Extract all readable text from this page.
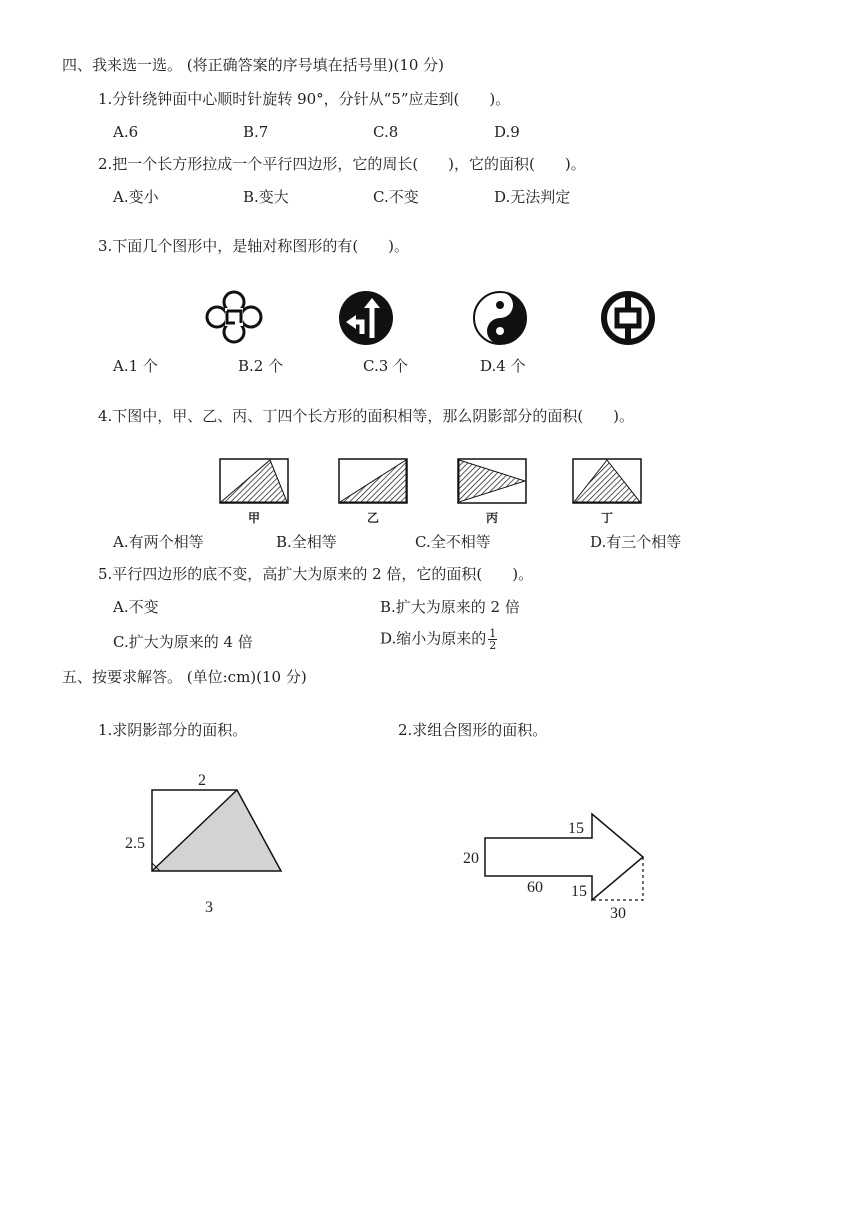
四、我来选一选。 (将正确答案的序号填在括号里)(10 分)
1.分针绕钟面中心顺时针旋转 90°，分针从“5”应走到(　　)。
A.6	B.7	C.8	D.9
2.把一个长方形拉成一个平行四边形，它的周长(　　)，它的面积(　　)。
A.变小	B.变大	C.不变	D.无法判定
3.下面几个图形中，是轴对称图形的有(　　)。
A.1 个	B.2 个	C.3 个	D.4 个
4.下图中，甲、乙、丙、丁四个长方形的面积相等，那么阴影部分的面积(　　)。
甲	乙	丙	丁
A.有两个相等	B.全相等	C.全不相等	D.有三个相等
5.平行四边形的底不变，高扩大为原来的 2 倍，它的面积(　　)。
A.不变	B.扩大为原来的 2 倍
C.扩大为原来的 4 倍	D.缩小为原来的 $\frac{1}{2}$
五、按要求解答。 (单位:cm)(10 分)
1.求阴影部分的面积。	2.求组合图形的面积。
2
2.5
3
20
60
15
15
30
